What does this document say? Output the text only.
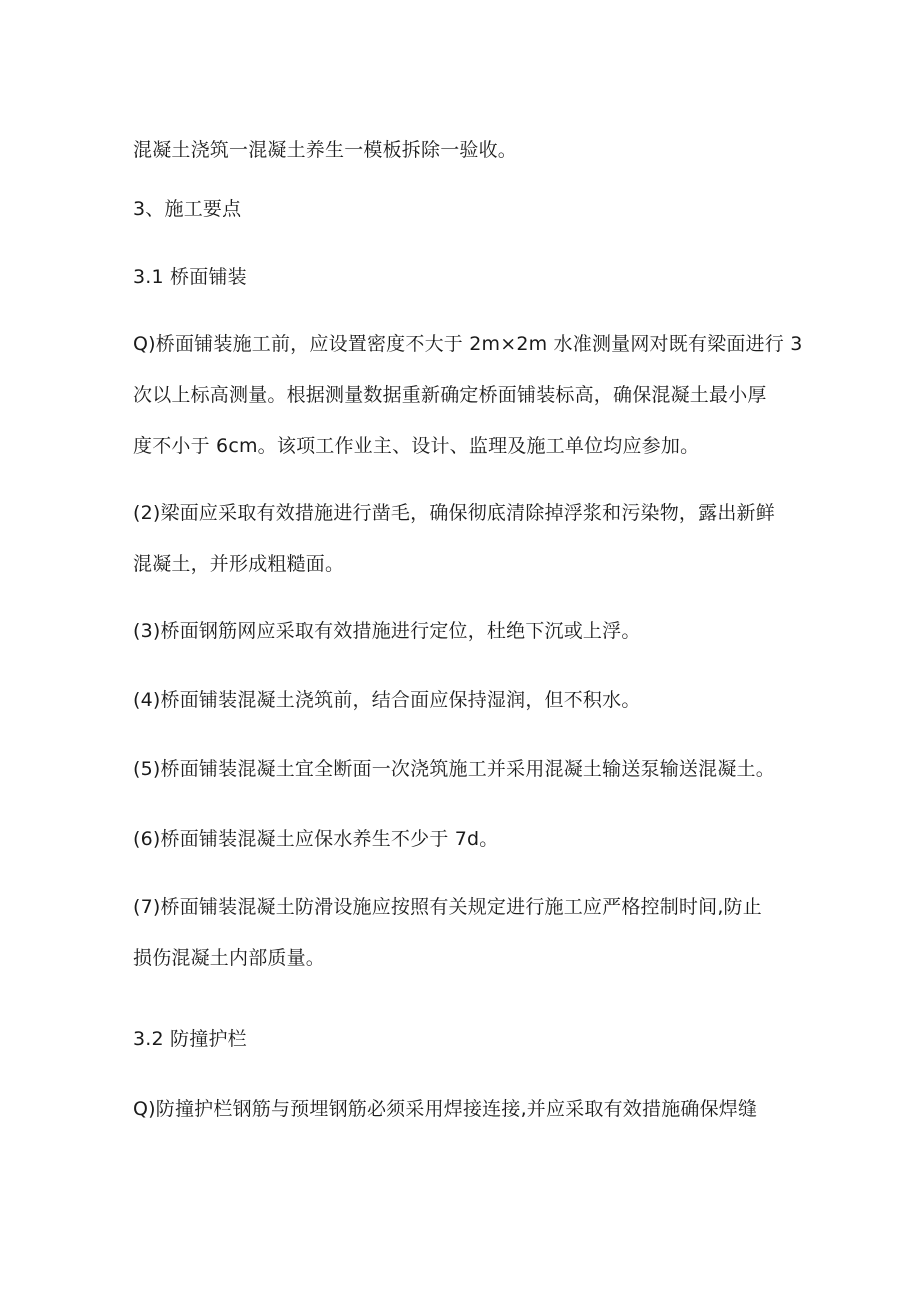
混凝土浇筑一混凝土养生一模板拆除一验收。
3、施工要点
3.1 桥面铺装
Q)桥面铺装施工前，应设置密度不大于 2m×2m 水准测量网对既有梁面进行 3
次以上标高测量。根据测量数据重新确定桥面铺装标高，确保混凝土最小厚
度不小于 6cm。该项工作业主、设计、监理及施工单位均应参加。
(2)梁面应采取有效措施进行凿毛，确保彻底清除掉浮浆和污染物，露出新鲜
混凝土，并形成粗糙面。
(3)桥面钢筋网应采取有效措施进行定位，杜绝下沉或上浮。
(4)桥面铺装混凝土浇筑前，结合面应保持湿润，但不积水。
(5)桥面铺装混凝土宜全断面一次浇筑施工并采用混凝土输送泵输送混凝土。
(6)桥面铺装混凝土应保水养生不少于 7d。
(7)桥面铺装混凝土防滑设施应按照有关规定进行施工应严格控制时间,防止
损伤混凝土内部质量。
3.2 防撞护栏
Q)防撞护栏钢筋与预埋钢筋必须采用焊接连接,并应采取有效措施确保焊缝
